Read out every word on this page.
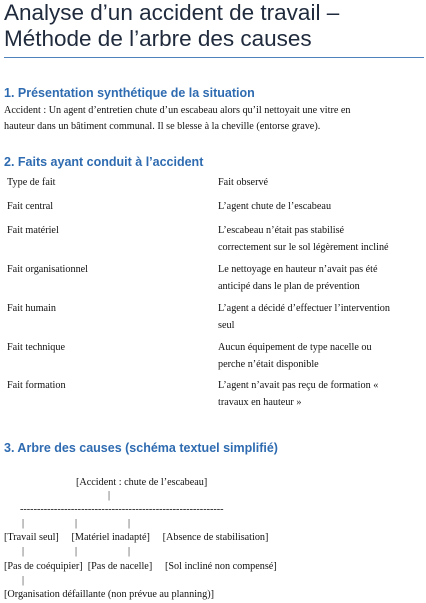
Analyse d’un accident de travail –
Méthode de l’arbre des causes
1. Présentation synthétique de la situation
Accident : Un agent d’entretien chute d’un escabeau alors qu’il nettoyait une vitre en
hauteur dans un bâtiment communal. Il se blesse à la cheville (entorse grave).
2. Faits ayant conduit à l’accident
Type de fait	Fait observé
Fait central	L’agent chute de l’escabeau
Fait matériel	L’escabeau n’était pas stabilisé
correctement sur le sol légèrement incliné
Fait organisationnel	Le nettoyage en hauteur n’avait pas été
anticipé dans le plan de prévention
Fait humain	L’agent a décidé d’effectuer l’intervention
seul
Fait technique	Aucun équipement de type nacelle ou
perche n’était disponible
Fait formation	L’agent n’avait pas reçu de formation «
travaux en hauteur »
3. Arbre des causes (schéma textuel simplifié)
[Accident : chute de l’escabeau]
|
------------------------------------------------------------
|                    |                    |
[Travail seul]     [Matériel inadapté]     [Absence de stabilisation]
|                    |                    |
[Pas de coéquipier]  [Pas de nacelle]     [Sol incliné non compensé]
|
[Organisation défaillante (non prévue au planning)]
